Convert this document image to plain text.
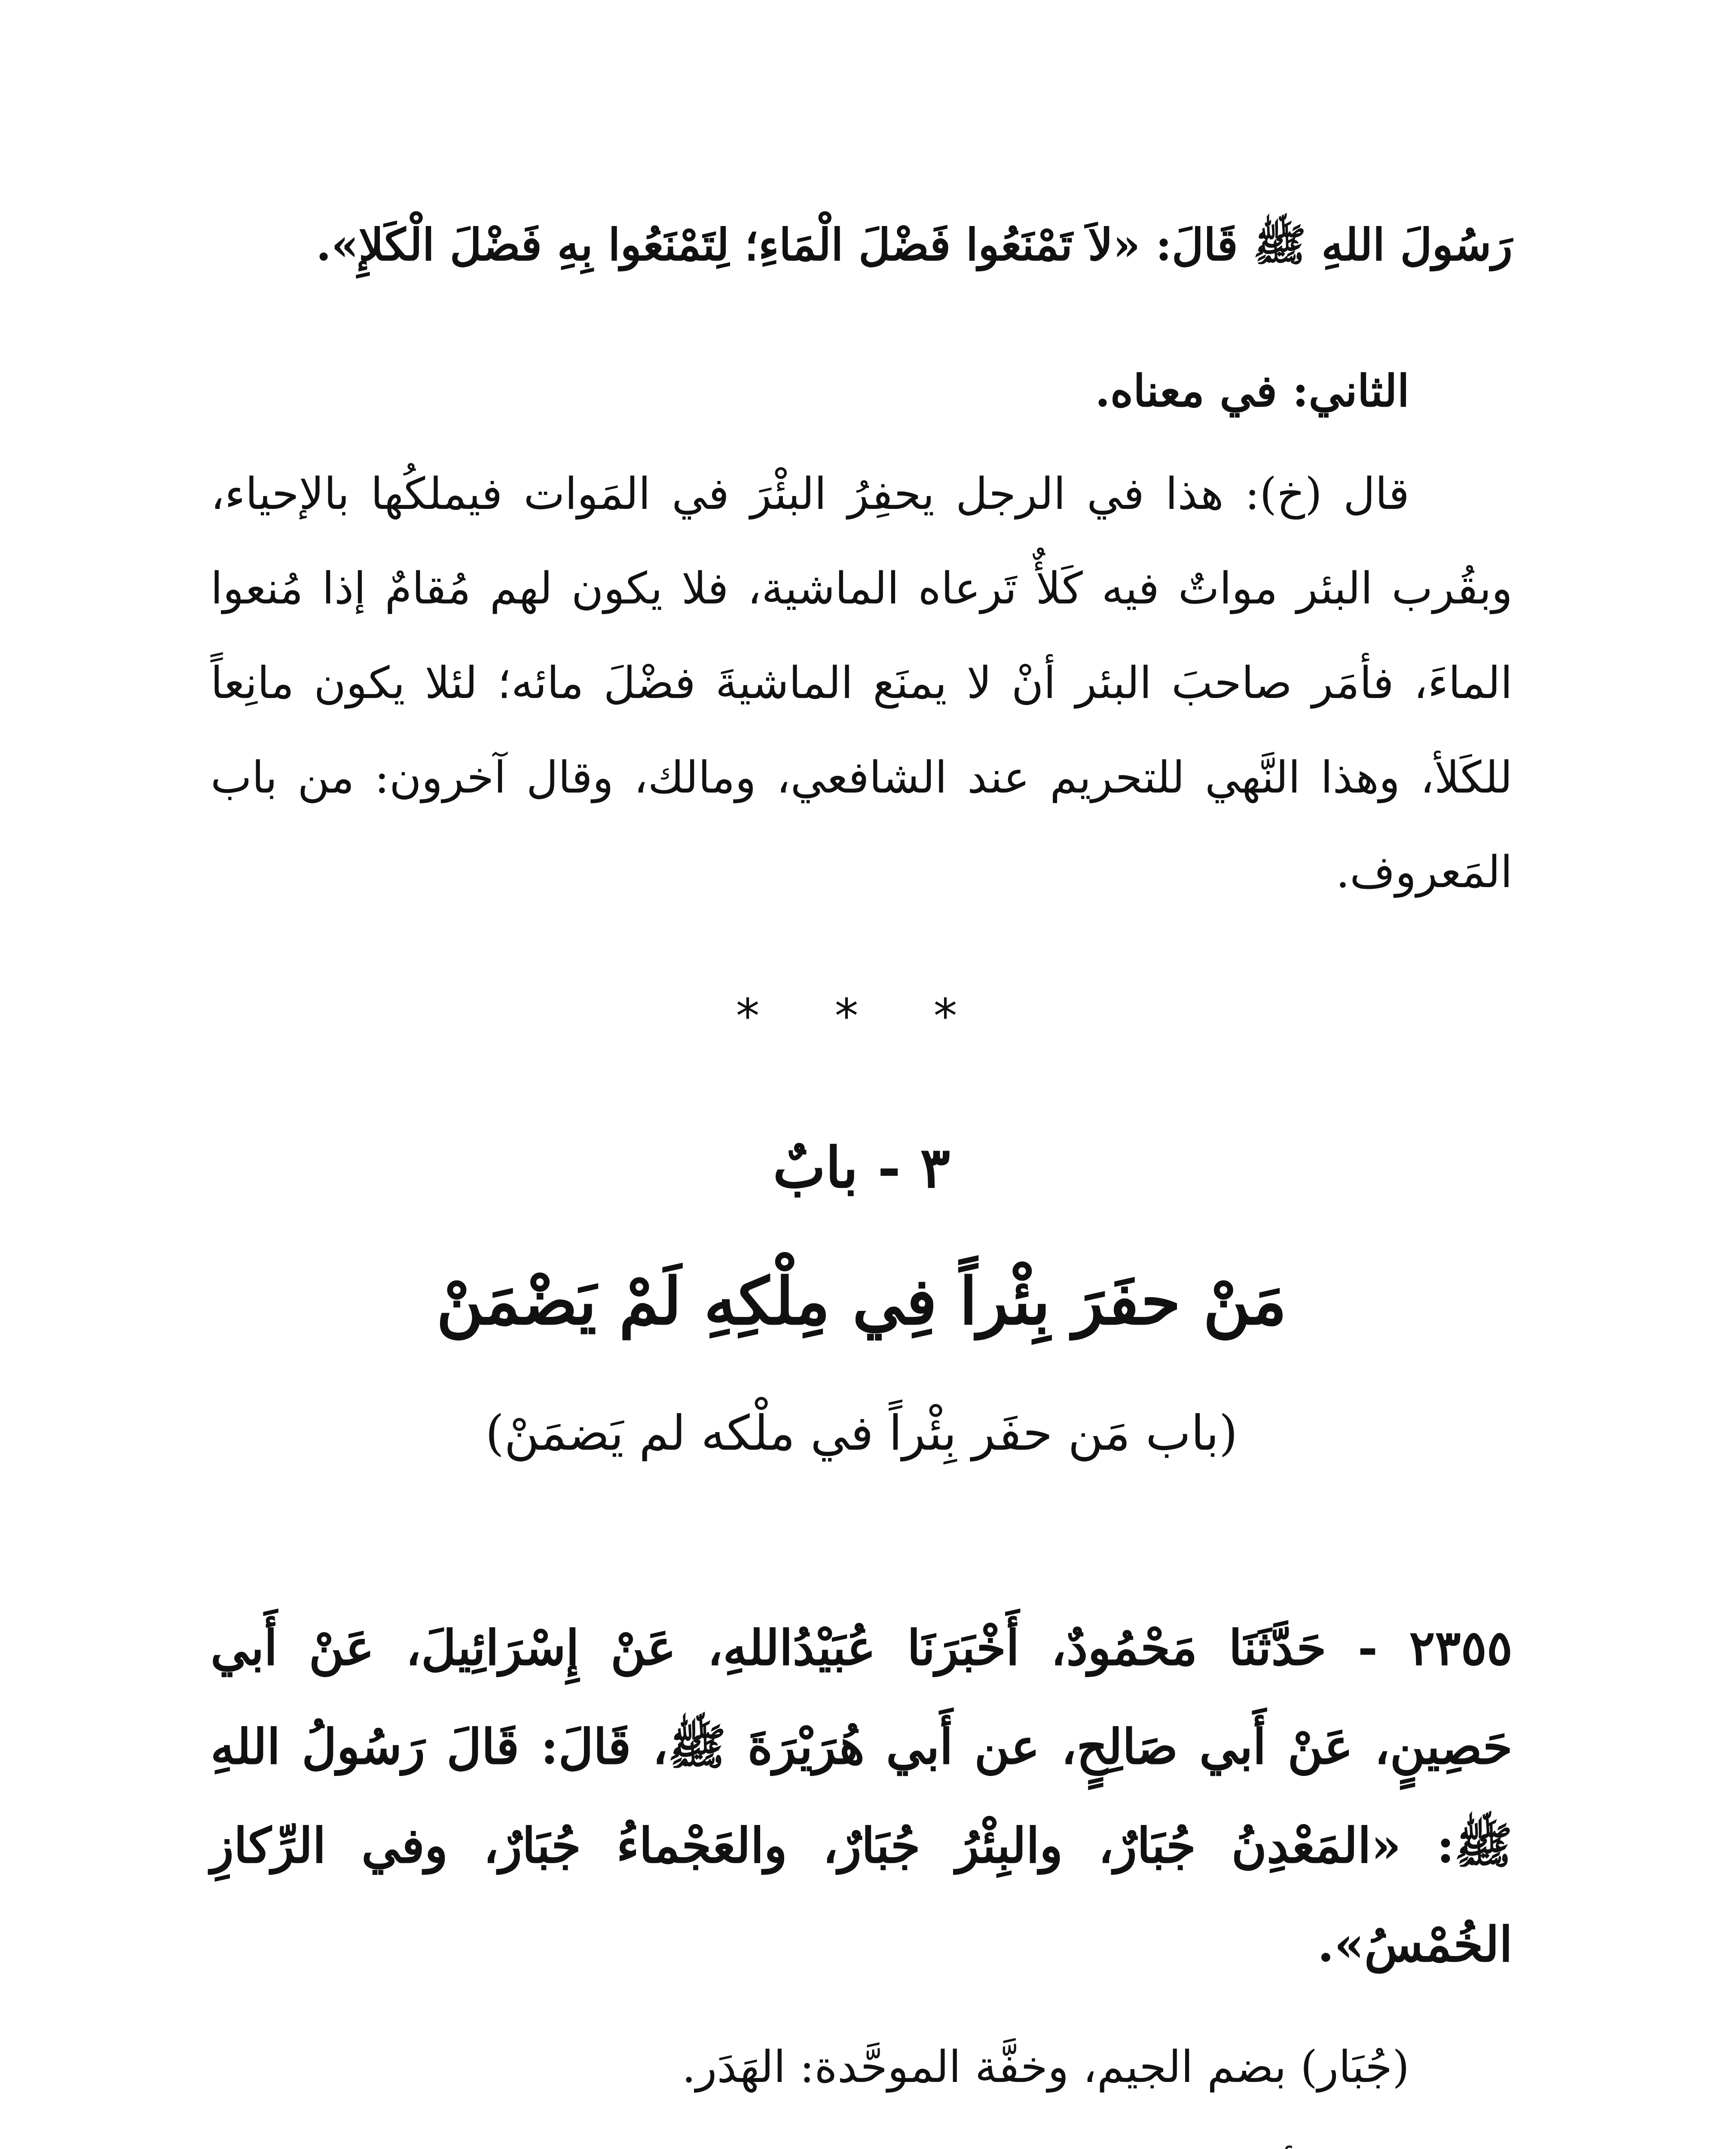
رَسُولَ اللهِ ﷺ قَالَ: «لاَ تَمْنَعُوا فَضْلَ الْمَاءِ؛ لِتَمْنَعُوا بِهِ فَضْلَ الْكَلإِ».

الثاني: في معناه.

قال (خ): هذا في الرجل يحفِرُ البئْرَ في المَوات فيملكُها بالإحياء، وبقُرب البئر مواتٌ فيه كَلأٌ تَرعاه الماشية، فلا يكون لهم مُقامٌ إذا مُنعوا الماءَ، فأمَر صاحبَ البئر أنْ لا يمنَع الماشيةَ فضْلَ مائه؛ لئلا يكون مانِعاً للكَلأ، وهذا النَّهي للتحريم عند الشافعي، ومالك، وقال آخرون: من باب المَعروف.

* * *
٣ - بابٌ
مَنْ حفَرَ بِئْراً فِي مِلْكِهِ لَمْ يَضْمَنْ
(باب مَن حفَر بِئْراً في ملْكه لم يَضمَنْ)

٢٣٥٥ - حَدَّثَنَا مَحْمُودٌ، أَخْبَرَنَا عُبَيْدُاللهِ، عَنْ إِسْرَائِيلَ، عَنْ أَبي حَصِينٍ، عَنْ أَبي صَالِحٍ، عن أَبي هُرَيْرَةَ ﷺ، قَالَ: قَالَ رَسُولُ اللهِ ﷺ: «المَعْدِنُ جُبَارٌ، والبِئْرُ جُبَارٌ، والعَجْماءُ جُبَارٌ، وفي الرِّكازِ الخُمْسُ».

(جُبَار) بضم الجيم، وخفَّة الموحَّدة: الهَدَر.
